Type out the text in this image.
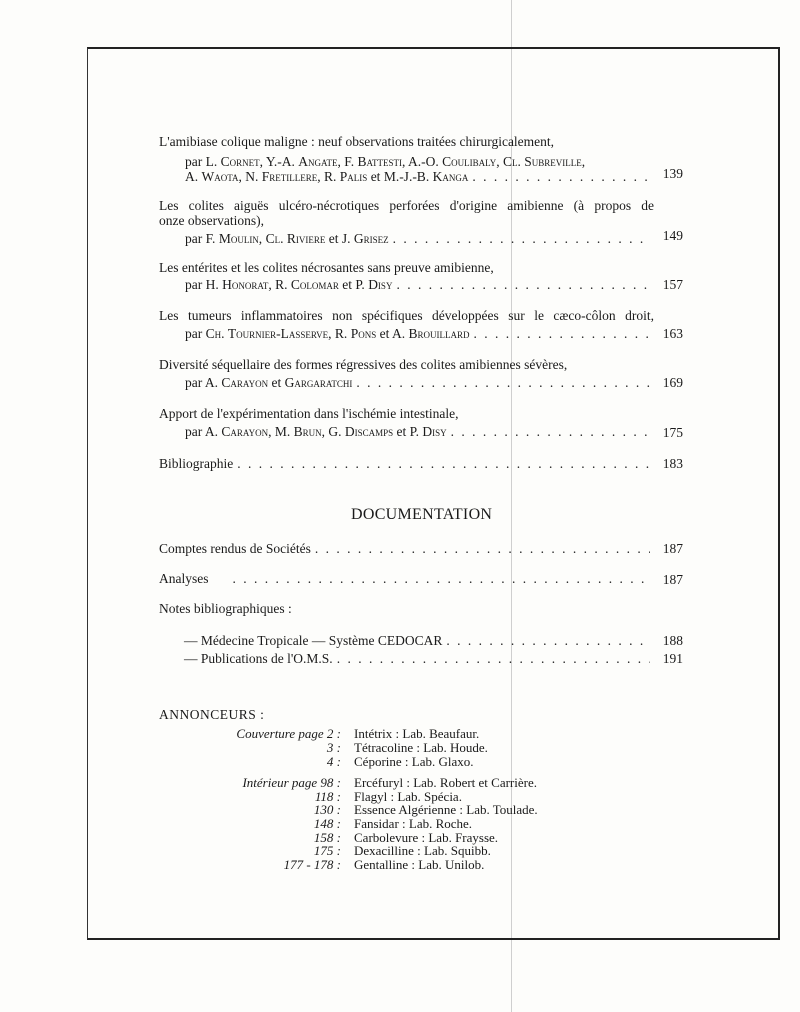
L'amibiase colique maligne : neuf observations traitées chirurgicalement,
par L. Cornet, Y.-A. Angate, F. Battesti, A.-O. Coulibaly, Cl. Subreville,
A. Waota, N. Fretillere, R. Palis et M.-J.-B. Kanga
. . .	139
Les colites aiguës ulcéro-nécrotiques perforées d'origine amibienne (à propos de
onze observations),
par F. Moulin, Cl. Riviere et J. Grisez . . .	149
Les entérites et les colites nécrosantes sans preuve amibienne,
par H. Honorat, R. Colomar et P. Disy . . .	157
Les tumeurs inflammatoires non spécifiques développées sur le cæco-côlon droit,
par Ch. Tournier-Lasserve, R. Pons et A. Brouillard . . .	163
Diversité séquellaire des formes régressives des colites amibiennes sévères,
par A. Carayon et Gargaratchi . . .	169
Apport de l'expérimentation dans l'ischémie intestinale,
par A. Carayon, M. Brun, G. Discamps et P. Disy . . .	175
Bibliographie . . .	183
DOCUMENTATION
Comptes rendus de Sociétés . . .	187
Analyses . . .	187
Notes bibliographiques :
— Médecine Tropicale — Système CEDOCAR . . .	188
— Publications de l'O.M.S. . . .	191
ANNONCEURS :
Couverture page 2 : Intétrix : Lab. Beaufaur.
3 : Tétracoline : Lab. Houde.
4 : Céporine : Lab. Glaxo.
Intérieur page 98 : Ercéfuryl : Lab. Robert et Carrière.
118 : Flagyl : Lab. Spécia.
130 : Essence Algérienne : Lab. Toulade.
148 : Fansidar : Lab. Roche.
158 : Carbolevure : Lab. Fraysse.
175 : Dexacilline : Lab. Squibb.
177 - 178 : Gentalline : Lab. Unilob.
